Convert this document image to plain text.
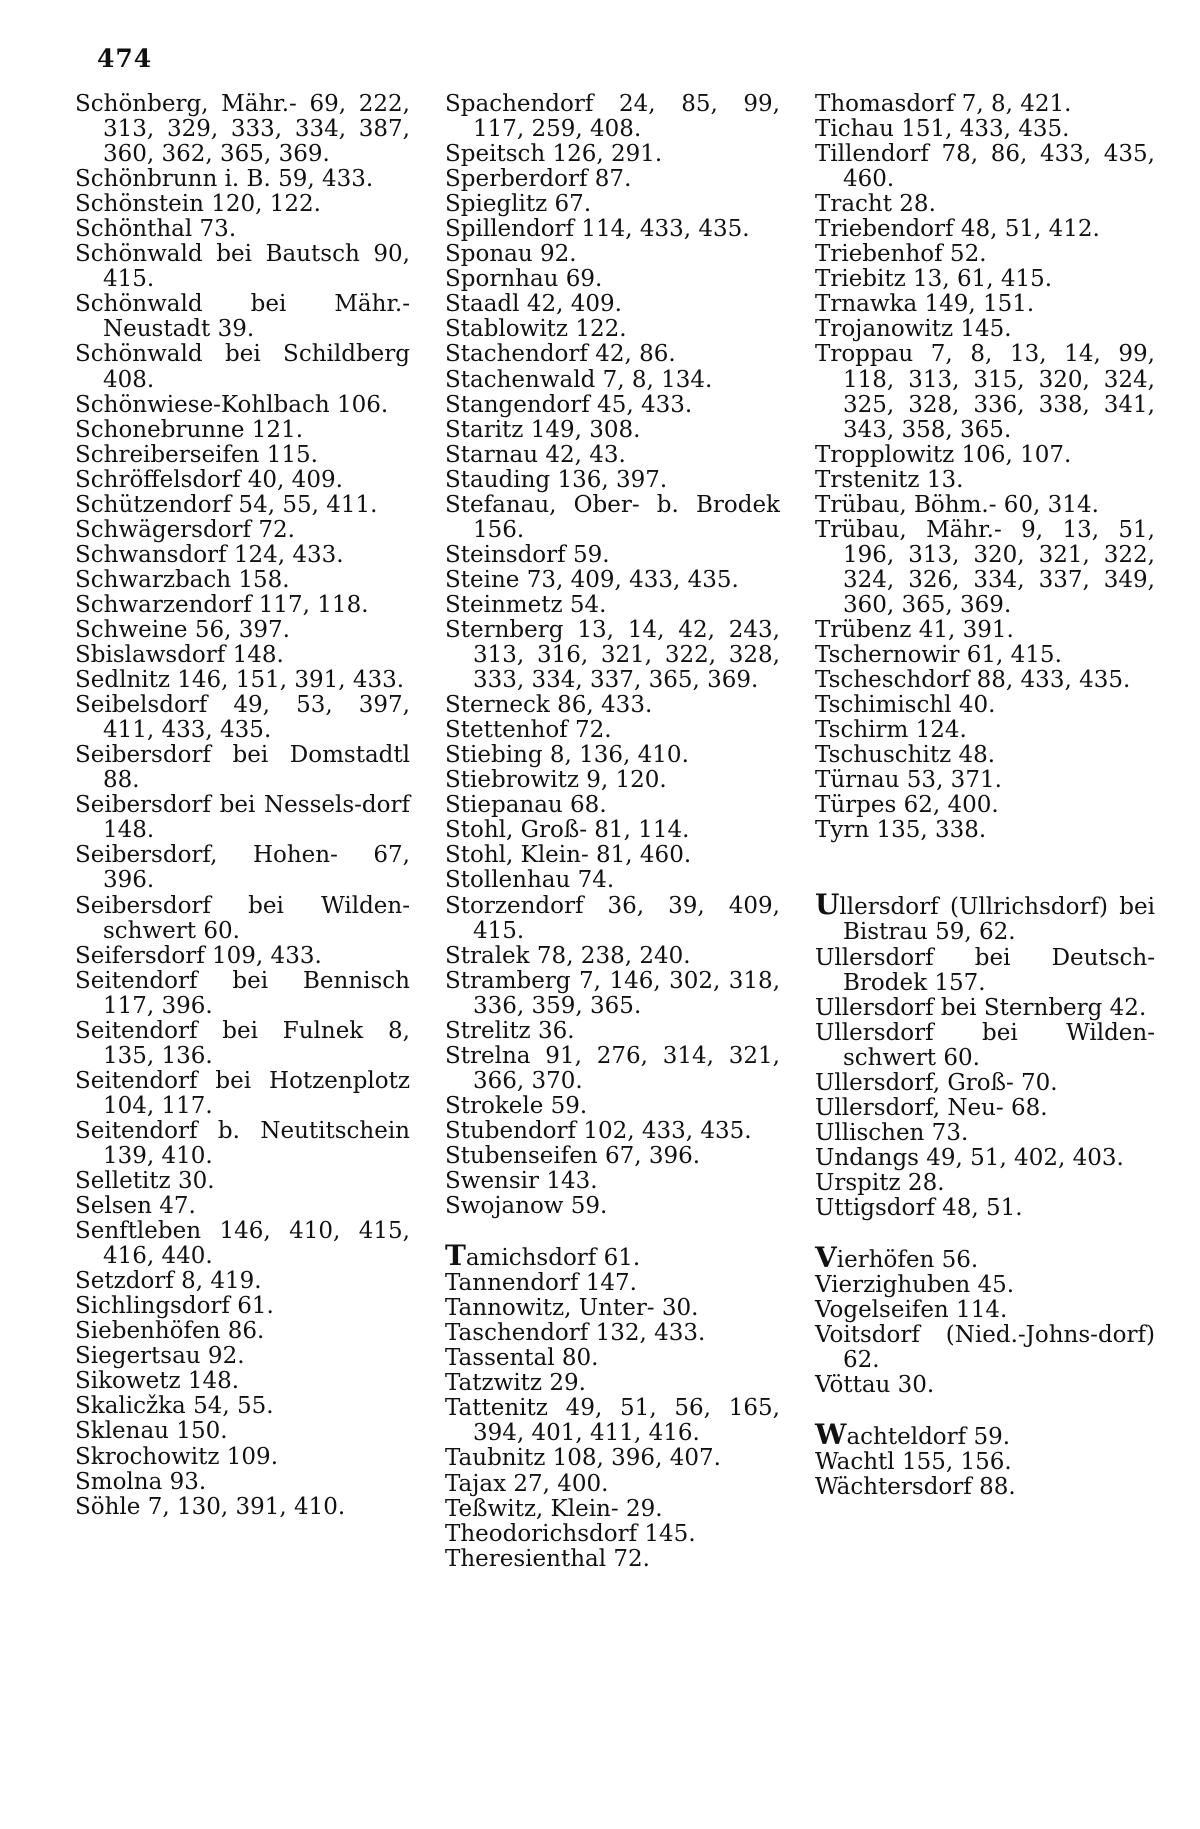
474
Schönberg, Mähr.- 69, 222, 313, 329, 333, 334, 387, 360, 362, 365, 369.
Schönbrunn i. B. 59, 433.
Schönstein 120, 122.
Schönthal 73.
Schönwald bei Bautsch 90, 415.
Schönwald bei Mähr.-Neustadt 39.
Schönwald bei Schildberg 408.
Schönwiese-Kohlbach 106.
Schonebrunne 121.
Schreiberseifen 115.
Schröffelsdorf 40, 409.
Schützendorf 54, 55, 411.
Schwägersdorf 72.
Schwansdorf 124, 433.
Schwarzbach 158.
Schwarzendorf 117, 118.
Schweine 56, 397.
Sbislawsdorf 148.
Sedlnitz 146, 151, 391, 433.
Seibelsdorf 49, 53, 397, 411, 433, 435.
Seibersdorf bei Domstadtl 88.
Seibersdorf bei Nessels-dorf 148.
Seibersdorf, Hohen- 67, 396.
Seibersdorf bei Wilden-schwert 60.
Seifersdorf 109, 433.
Seitendorf bei Bennisch 117, 396.
Seitendorf bei Fulnek 8, 135, 136.
Seitendorf bei Hotzenplotz 104, 117.
Seitendorf b. Neutitschein 139, 410.
Selletitz 30.
Selsen 47.
Senftleben 146, 410, 415, 416, 440.
Setzdorf 8, 419.
Sichlingsdorf 61.
Siebenhöfen 86.
Siegertsau 92.
Sikowetz 148.
Skalicžka 54, 55.
Sklenau 150.
Skrochowitz 109.
Smolna 93.
Söhle 7, 130, 391, 410.
Spachendorf 24, 85, 99, 117, 259, 408.
Speitsch 126, 291.
Sperberdorf 87.
Spieglitz 67.
Spillendorf 114, 433, 435.
Sponau 92.
Spornhau 69.
Staadl 42, 409.
Stablowitz 122.
Stachendorf 42, 86.
Stachenwald 7, 8, 134.
Stangendorf 45, 433.
Staritz 149, 308.
Starnau 42, 43.
Stauding 136, 397.
Stefanau, Ober- b. Brodek 156.
Steinsdorf 59.
Steine 73, 409, 433, 435.
Steinmetz 54.
Sternberg 13, 14, 42, 243, 313, 316, 321, 322, 328, 333, 334, 337, 365, 369.
Sterneck 86, 433.
Stettenhof 72.
Stiebing 8, 136, 410.
Stiebrowitz 9, 120.
Stiepanau 68.
Stohl, Groß- 81, 114.
Stohl, Klein- 81, 460.
Stollenhau 74.
Storzendorf 36, 39, 409, 415.
Stralek 78, 238, 240.
Stramberg 7, 146, 302, 318, 336, 359, 365.
Strelitz 36.
Strelna 91, 276, 314, 321, 366, 370.
Strokele 59.
Stubendorf 102, 433, 435.
Stubenseifen 67, 396.
Swensir 143.
Swojanow 59.
Tamichsdorf 61.
Tannendorf 147.
Tannowitz, Unter- 30.
Taschendorf 132, 433.
Tassental 80.
Tatzwitz 29.
Tattenitz 49, 51, 56, 165, 394, 401, 411, 416.
Taubnitz 108, 396, 407.
Tajax 27, 400.
Teßwitz, Klein- 29.
Theodorichsdorf 145.
Theresienthal 72.
Thomasdorf 7, 8, 421.
Tichau 151, 433, 435.
Tillendorf 78, 86, 433, 435, 460.
Tracht 28.
Triebendorf 48, 51, 412.
Triebenhof 52.
Triebitz 13, 61, 415.
Trnawka 149, 151.
Trojanowitz 145.
Troppau 7, 8, 13, 14, 99, 118, 313, 315, 320, 324, 325, 328, 336, 338, 341, 343, 358, 365.
Tropplowitz 106, 107.
Trstenitz 13.
Trübau, Böhm.- 60, 314.
Trübau, Mähr.- 9, 13, 51, 196, 313, 320, 321, 322, 324, 326, 334, 337, 349, 360, 365, 369.
Trübenz 41, 391.
Tschernowir 61, 415.
Tscheschdorf 88, 433, 435.
Tschimischl 40.
Tschirm 124.
Tschuschitz 48.
Türnau 53, 371.
Türpes 62, 400.
Tyrn 135, 338.
Ullersdorf (Ullrichsdorf) bei Bistrau 59, 62.
Ullersdorf bei Deutsch-Brodek 157.
Ullersdorf bei Sternberg 42.
Ullersdorf bei Wilden-schwert 60.
Ullersdorf, Groß- 70.
Ullersdorf, Neu- 68.
Ullischen 73.
Undangs 49, 51, 402, 403.
Urspitz 28.
Uttigsdorf 48, 51.
Vierhöfen 56.
Vierzighuben 45.
Vogelseifen 114.
Voitsdorf (Nied.-Johns-dorf) 62.
Vöttau 30.
Wachteldorf 59.
Wachtl 155, 156.
Wächtersdorf 88.
